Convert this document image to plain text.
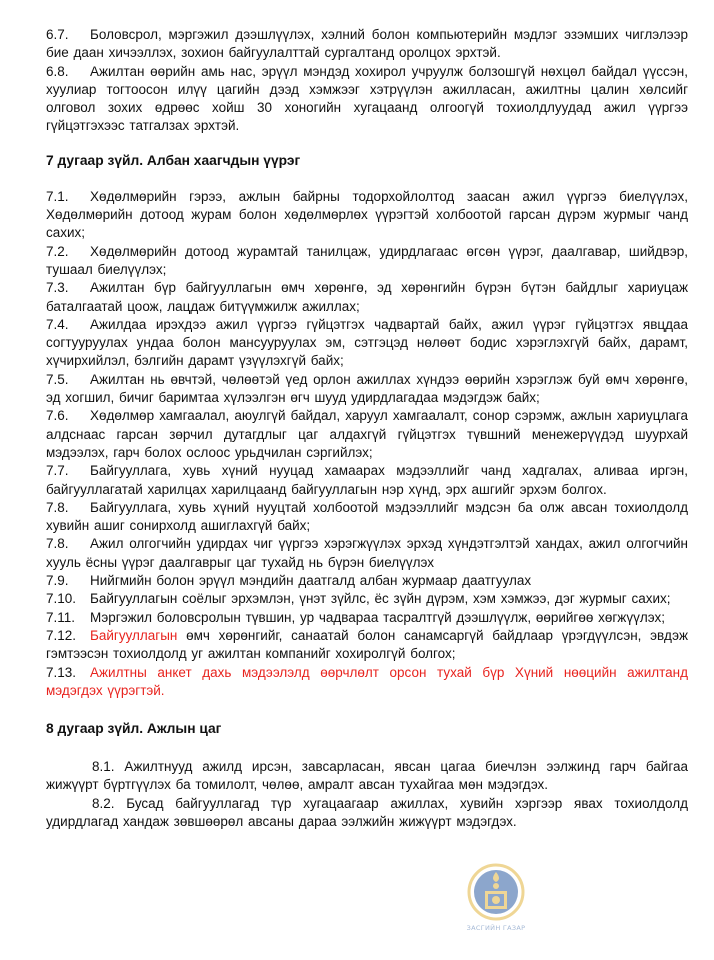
6.7. Боловсрол, мэргэжил дээшлүүлэх, хэлний болон компьютерийн мэдлэг эзэмших чиглэлээр бие даан хичээллэх, зохион байгуулалттай сургалтанд оролцох эрхтэй.

6.8. Ажилтан өөрийн амь нас, эрүүл мэндэд хохирол учруулж болзошгүй нөхцөл байдал үүссэн, хуулиар тогтоосон илүү цагийн дээд хэмжээг хэтрүүлэн ажилласан, ажилтны цалин хөлсийг олговол зохих өдрөөс хойш 30 хоногийн хугацаанд олгоогүй тохиолдлуудад ажил үүргээ гүйцэтгэхээс татгалзах эрхтэй.

7 дугаар зүйл. Албан хаагчдын үүрэг

7.1. Хөдөлмөрийн гэрээ, ажлын байрны тодорхойлолтод заасан ажил үүргээ биелүүлэх, Хөдөлмөрийн дотоод журам болон хөдөлмөрлөх үүрэгтэй холбоотой гарсан дүрэм журмыг чанд сахих;

7.2. Хөдөлмөрийн дотоод журамтай танилцаж, удирдлагаас өгсөн үүрэг, даалгавар, шийдвэр, тушаал биелүүлэх;

7.3. Ажилтан бүр байгууллагын өмч хөрөнгө, эд хөрөнгийн бүрэн бүтэн байдлыг хариуцаж баталгаатай цоож, лацдаж битүүмжилж ажиллах;

7.4. Ажилдаа ирэхдээ ажил үүргээ гүйцэтгэх чадвартай байх, ажил үүрэг гүйцэтгэх явцдаа согтууруулах ундаа болон мансууруулах эм, сэтгэцэд нөлөөт бодис хэрэглэхгүй байх, дарамт, хүчирхийлэл, бэлгийн дарамт үзүүлэхгүй байх;

7.5. Ажилтан нь өвчтэй, чөлөөтэй үед орлон ажиллах хүндээ өөрийн хэрэглэж буй өмч хөрөнгө, эд хогшил, бичиг баримтаа хүлээлгэн өгч шууд удирдлагадаа мэдэгдэж байх;

7.6. Хөдөлмөр хамгаалал, аюулгүй байдал, харуул хамгаалалт, сонор сэрэмж, ажлын хариуцлага алдснаас гарсан зөрчил дутагдлыг цаг алдахгүй гүйцэтгэх түвшний менежерүүдэд шуурхай мэдээлэх, гарч болох ослоос урьдчилан сэргийлэх;

7.7. Байгууллага, хувь хүний нууцад хамаарах мэдээллийг чанд хадгалах, аливаа иргэн, байгууллагатай харилцах харилцаанд байгууллагын нэр хүнд, эрх ашгийг эрхэм болгох.

7.8. Байгууллага, хувь хүний нууцтай холбоотой мэдээллийг мэдсэн ба олж авсан тохиолдолд хувийн ашиг сонирхолд ашиглахгүй байх;

7.8. Ажил олгогчийн удирдах чиг үүргээ хэрэгжүүлэх эрхэд хүндэтгэлтэй хандах, ажил олгогчийн хууль ёсны үүрэг даалгаврыг цаг тухайд нь бүрэн биелүүлэх

7.9. Нийгмийн болон эрүүл мэндийн даатгалд албан журмаар даатгуулах

7.10. Байгууллагын соёлыг эрхэмлэн, үнэт зүйлс, ёс зүйн дүрэм, хэм хэмжээ, дэг журмыг сахих;

7.11. Мэргэжил боловсролын түвшин, ур чадвараа тасралтгүй дээшлүүлж, өөрийгөө хөгжүүлэх;

7.12. Байгууллагын өмч хөрөнгийг, санаатай болон санамсаргүй байдлаар үрэгдүүлсэн, эвдэж гэмтээсэн тохиолдолд уг ажилтан компанийг хохиролгүй болгох;

7.13. Ажилтны анкет дахь мэдээлэлд өөрчлөлт орсон тухай бүр Хүний нөөцийн ажилтанд мэдэгдэх үүрэгтэй.

8 дугаар зүйл. Ажлын цаг

8.1. Ажилтнууд ажилд ирсэн, завсарласан, явсан цагаа биечлэн ээлжинд гарч байгаа жижүүрт бүртгүүлэх ба томилолт, чөлөө, амралт авсан тухайгаа мөн мэдэгдэх.

8.2. Бусад байгууллагад түр хугацаагаар ажиллах, хувийн хэргээр явах тохиолдолд удирдлагад хандаж зөвшөөрөл авсаны дараа ээлжийн жижүүрт мэдэгдэх.

ЗАСГИЙН ГАЗАР
